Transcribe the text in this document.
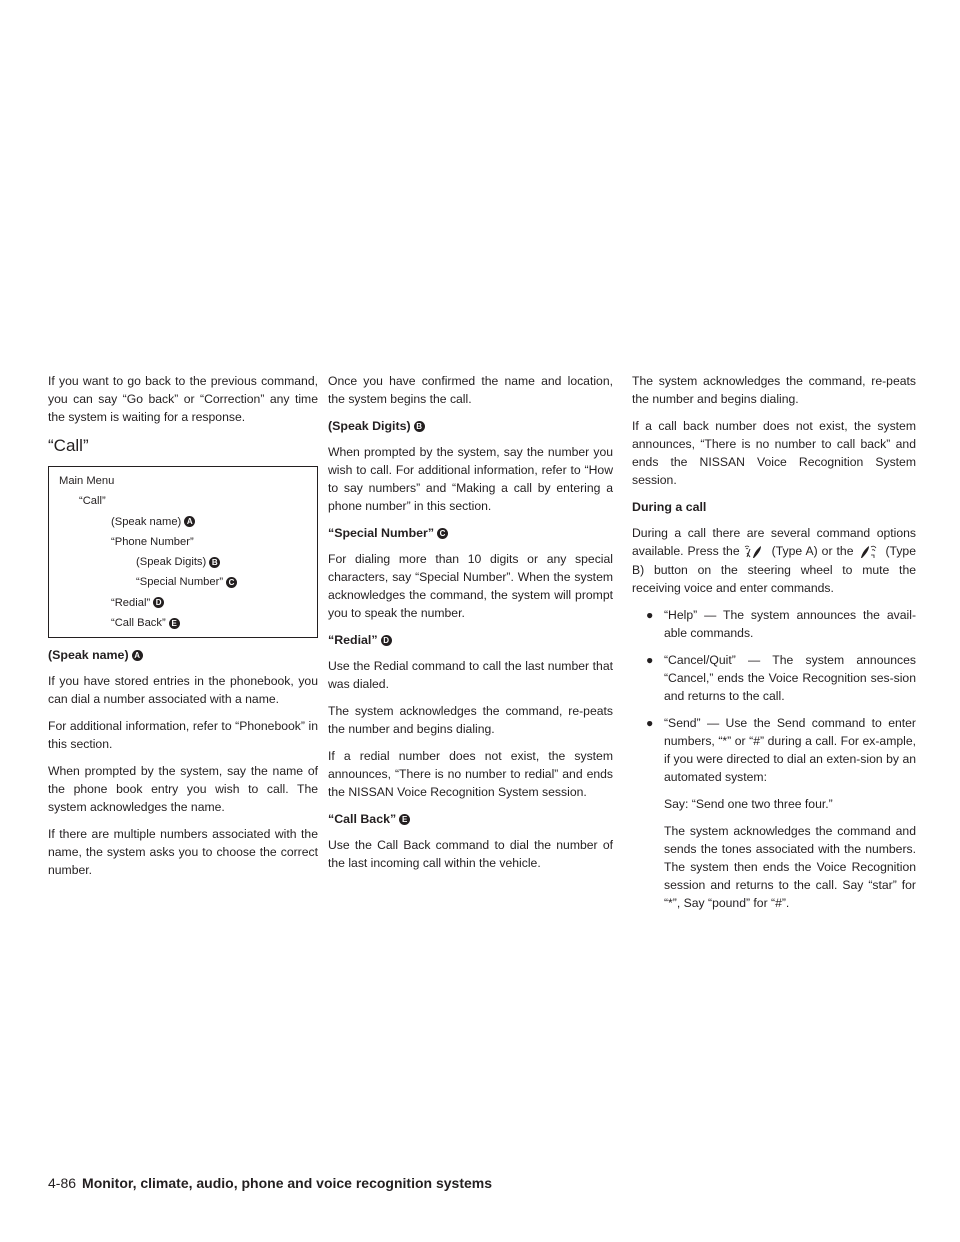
If you want to go back to the previous command, you can say “Go back” or “Correction” any time the system is waiting for a response.

“Call”
Main Menu
“Call”
(Speak name) A
“Phone Number”
(Speak Digits) B
“Special Number” C
“Redial” D
“Call Back” E
(Speak name) A

If you have stored entries in the phonebook, you can dial a number associated with a name.

For additional information, refer to “Phonebook” in this section.

When prompted by the system, say the name of the phone book entry you wish to call. The system acknowledges the name.

If there are multiple numbers associated with the name, the system asks you to choose the correct number.

Once you have confirmed the name and location, the system begins the call.

(Speak Digits) B

When prompted by the system, say the number you wish to call. For additional information, refer to “How to say numbers” and “Making a call by entering a phone number” in this section.

“Special Number” C

For dialing more than 10 digits or any special characters, say “Special Number”. When the system acknowledges the command, the system will prompt you to speak the number.

“Redial” D

Use the Redial command to call the last number that was dialed.

The system acknowledges the command, re-peats the number and begins dialing.

If a redial number does not exist, the system announces, “There is no number to redial” and ends the NISSAN Voice Recognition System session.

“Call Back” E

Use the Call Back command to dial the number of the last incoming call within the vehicle.

The system acknowledges the command, re-peats the number and begins dialing.

If a call back number does not exist, the system announces, “There is no number to call back” and ends the NISSAN Voice Recognition System session.

During a call

During a call there are several command options available. Press the	(Type A) or the	(Type B) button on the steering wheel to mute the receiving voice and enter commands.

● “Help” — The system announces the avail-able commands.
● “Cancel/Quit” — The system announces “Cancel,” ends the Voice Recognition ses-sion and returns to the call.
● “Send” — Use the Send command to enter numbers, “*” or “#” during a call. For ex-ample, if you were directed to dial an exten-sion by an automated system:
Say: “Send one two three four.”
The system acknowledges the command and sends the tones associated with the numbers. The system then ends the Voice Recognition session and returns to the call. Say “star” for “*”, Say “pound” for “#”.
4-86 Monitor, climate, audio, phone and voice recognition systems
